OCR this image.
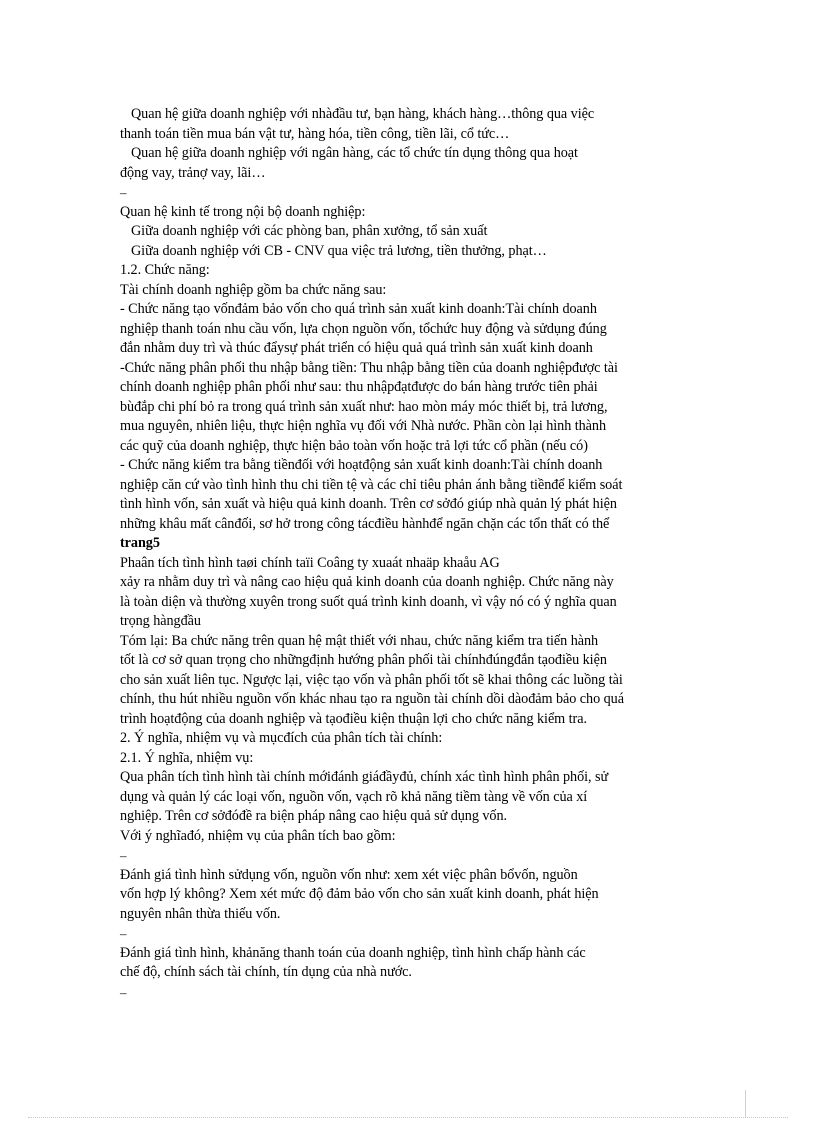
Quan hệ giữa doanh nghiệp với nhàđầu tư, bạn hàng, khách hàng…thông qua việc
thanh toán tiền mua bán vật tư, hàng hóa, tiền công, tiền lãi, cổ tức…
Quan hệ giữa doanh nghiệp với ngân hàng, các tổ chức tín dụng thông qua hoạt
động vay, trảnợ vay, lãi…
–
Quan hệ kinh tế trong nội bộ doanh nghiệp:
Giữa doanh nghiệp với các phòng ban, phân xưởng, tổ sản xuất
Giữa doanh nghiệp với CB - CNV qua việc trả lương, tiền thưởng, phạt…
1.2. Chức năng:
Tài chính doanh nghiệp gồm ba chức năng sau:
- Chức năng tạo vốnđảm bảo vốn cho quá trình sản xuất kinh doanh:Tài chính doanh
nghiệp thanh toán nhu cầu vốn, lựa chọn nguồn vốn, tổchức huy động và sửdụng đúng
đắn nhằm duy trì và thúc đẩysự phát triển có hiệu quả quá trình sản xuất kinh doanh
-Chức năng phân phối thu nhập bằng tiền: Thu nhập bằng tiền của doanh nghiệpđược tài
chính doanh nghiệp phân phối như sau: thu nhậpđạtđược do bán hàng trước tiên phải
bùđắp chi phí bỏ ra trong quá trình sản xuất như: hao mòn máy móc thiết bị, trả lương,
mua nguyên, nhiên liệu, thực hiện nghĩa vụ đối với Nhà nước. Phần còn lại hình thành
các quỹ của doanh nghiệp, thực hiện bảo toàn vốn hoặc trả lợi tức cổ phần (nếu có)
- Chức năng kiểm tra bằng tiềnđối với hoạtđộng sản xuất kinh doanh:Tài chính doanh
nghiệp căn cứ vào tình hình thu chi tiền tệ và các chỉ tiêu phản ánh bằng tiềnđể kiểm soát
tình hình vốn, sản xuất và hiệu quả kinh doanh. Trên cơ sởđó giúp nhà quản lý phát hiện
những khâu mất cânđối, sơ hở trong công tácđiều hànhđể ngăn chặn các tổn thất có thể
trang5
Phaân tích tình hình taøi chính taïi Coâng ty xuaát nhaäp khaåu AG
xảy ra nhằm duy trì và nâng cao hiệu quả kinh doanh của doanh nghiệp. Chức năng này
là toàn diện và thường xuyên trong suốt quá trình kinh doanh, vì vậy nó có ý nghĩa quan
trọng hàngđầu
Tóm lại: Ba chức năng trên quan hệ mật thiết với nhau, chức năng kiểm tra tiến hành
tốt là cơ sở quan trọng cho nhữngđịnh hướng phân phối tài chínhđúngđắn tạođiều kiện
cho sản xuất liên tục. Ngược lại, việc tạo vốn và phân phối tốt sẽ khai thông các luồng tài
chính, thu hút nhiều nguồn vốn khác nhau tạo ra nguồn tài chính dồi dàođảm bảo cho quá
trình hoạtđộng của doanh nghiệp và tạođiều kiện thuận lợi cho chức năng kiểm tra.
2. Ý nghĩa, nhiệm vụ và mụcđích của phân tích tài chính:
2.1. Ý nghĩa, nhiệm vụ:
Qua phân tích tình hình tài chính mớiđánh giáđầyđủ, chính xác tình hình phân phối, sử
dụng và quản lý các loại vốn, nguồn vốn, vạch rõ khả năng tiềm tàng về vốn của xí
nghiệp. Trên cơ sởđóđề ra biện pháp nâng cao hiệu quả sử dụng vốn.
Với ý nghĩađó, nhiệm vụ của phân tích bao gồm:
–
Đánh giá tình hình sửdụng vốn, nguồn vốn như: xem xét việc phân bổvốn, nguồn
vốn hợp lý không? Xem xét mức độ đảm bảo vốn cho sản xuất kinh doanh, phát hiện
nguyên nhân thừa thiếu vốn.
–
Đánh giá tình hình, khảnăng thanh toán của doanh nghiệp, tình hình chấp hành các
chế độ, chính sách tài chính, tín dụng của nhà nước.
–
